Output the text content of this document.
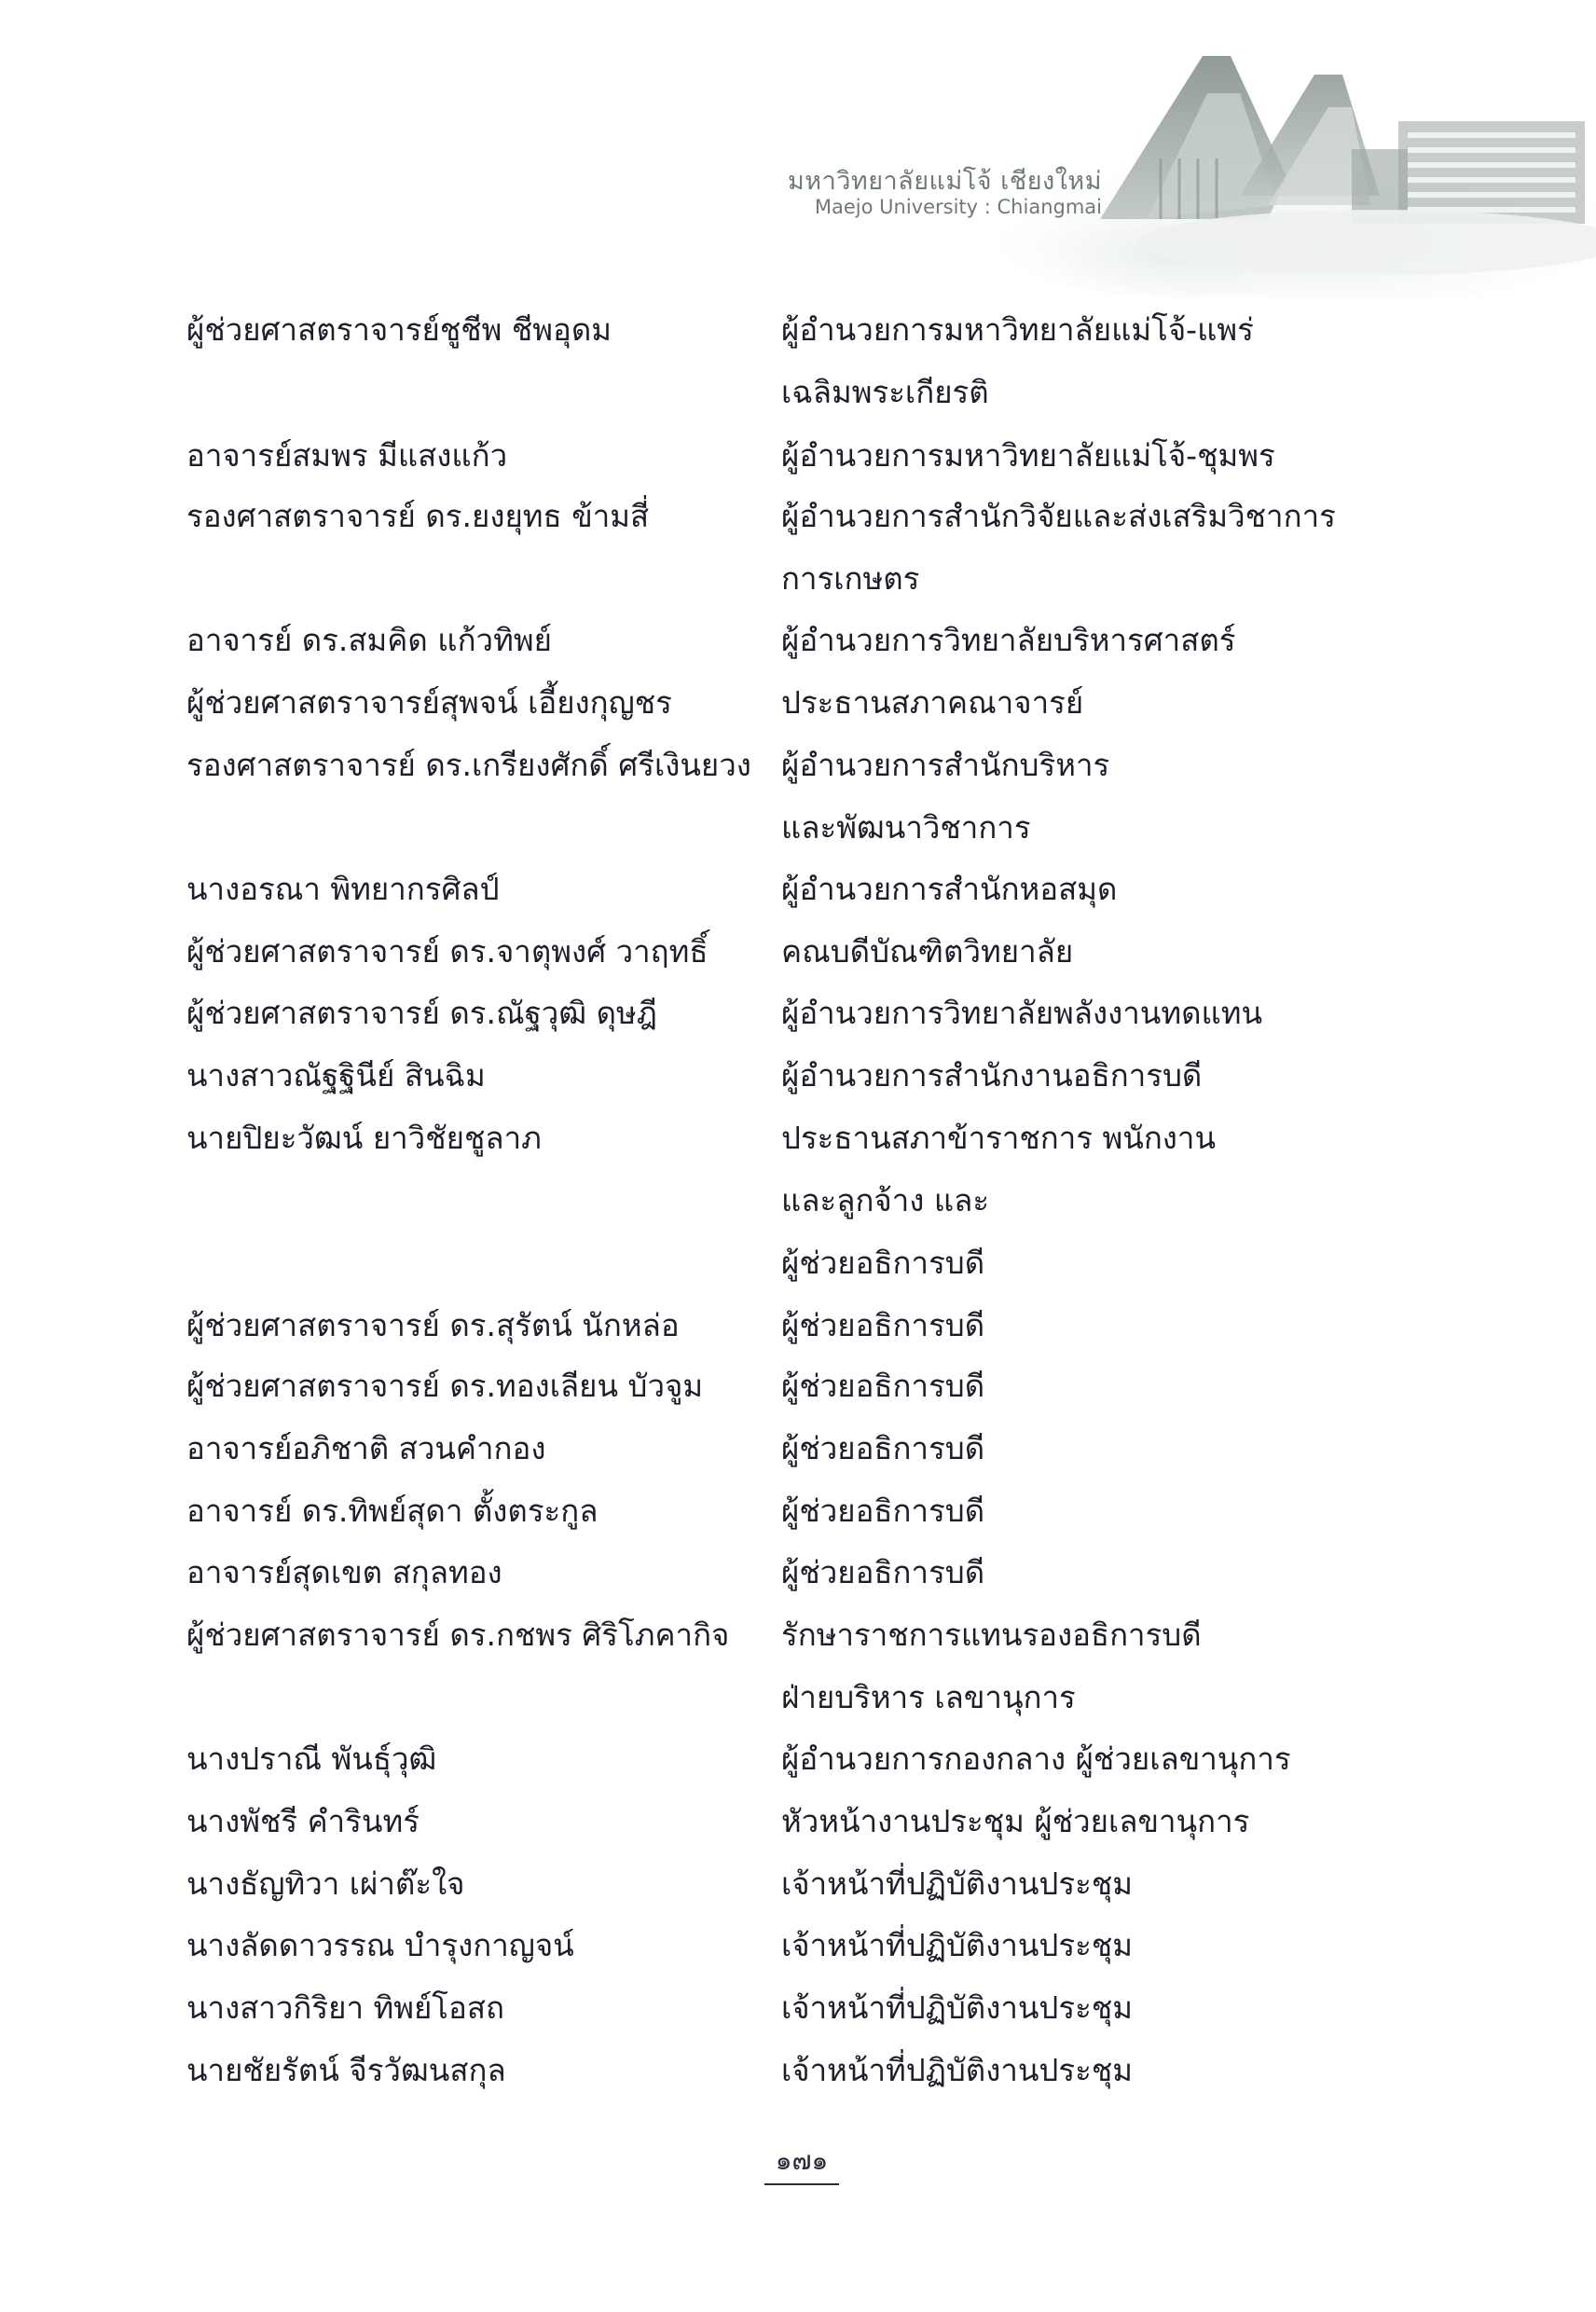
มหาวิทยาลัยแม่โจ้ เชียงใหม่
Maejo University : Chiangmai
ผู้ช่วยศาสตราจารย์ชูชีพ ชีพอุดม	ผู้อำนวยการมหาวิทยาลัยแม่โจ้-แพร่
เฉลิมพระเกียรติ
อาจารย์สมพร มีแสงแก้ว	ผู้อำนวยการมหาวิทยาลัยแม่โจ้-ชุมพร
รองศาสตราจารย์ ดร.ยงยุทธ ข้ามสี่	ผู้อำนวยการสำนักวิจัยและส่งเสริมวิชาการ
การเกษตร
อาจารย์ ดร.สมคิด แก้วทิพย์	ผู้อำนวยการวิทยาลัยบริหารศาสตร์
ผู้ช่วยศาสตราจารย์สุพจน์ เอี้ยงกุญชร	ประธานสภาคณาจารย์
รองศาสตราจารย์ ดร.เกรียงศักดิ์ ศรีเงินยวง ผู้อำนวยการสำนักบริหาร
และพัฒนาวิชาการ
นางอรณา พิทยากรศิลป์	ผู้อำนวยการสำนักหอสมุด
ผู้ช่วยศาสตราจารย์ ดร.จาตุพงศ์ วาฤทธิ์	คณบดีบัณฑิตวิทยาลัย
ผู้ช่วยศาสตราจารย์ ดร.ณัฐวุฒิ ดุษฎี	ผู้อำนวยการวิทยาลัยพลังงานทดแทน
นางสาวณัฐฐินีย์ สินฉิม	ผู้อำนวยการสำนักงานอธิการบดี
นายปิยะวัฒน์ ยาวิชัยชูลาภ	ประธานสภาข้าราชการ พนักงาน
และลูกจ้าง และ
ผู้ช่วยอธิการบดี
ผู้ช่วยศาสตราจารย์ ดร.สุรัตน์ นักหล่อ	ผู้ช่วยอธิการบดี
ผู้ช่วยศาสตราจารย์ ดร.ทองเลียน บัวจูม	ผู้ช่วยอธิการบดี
อาจารย์อภิชาติ สวนคำกอง	ผู้ช่วยอธิการบดี
อาจารย์ ดร.ทิพย์สุดา ตั้งตระกูล	ผู้ช่วยอธิการบดี
อาจารย์สุดเขต สกุลทอง	ผู้ช่วยอธิการบดี
ผู้ช่วยศาสตราจารย์ ดร.กชพร ศิริโภคากิจ	รักษาราชการแทนรองอธิการบดี
ฝ่ายบริหาร เลขานุการ
นางปราณี พันธุ์วุฒิ	ผู้อำนวยการกองกลาง ผู้ช่วยเลขานุการ
นางพัชรี คำรินทร์	หัวหน้างานประชุม ผู้ช่วยเลขานุการ
นางธัญทิวา เผ่าต๊ะใจ	เจ้าหน้าที่ปฏิบัติงานประชุม
นางลัดดาวรรณ บำรุงกาญจน์	เจ้าหน้าที่ปฏิบัติงานประชุม
นางสาวกิริยา ทิพย์โอสถ	เจ้าหน้าที่ปฏิบัติงานประชุม
นายชัยรัตน์ จีรวัฒนสกุล	เจ้าหน้าที่ปฏิบัติงานประชุม
๑๗๑
